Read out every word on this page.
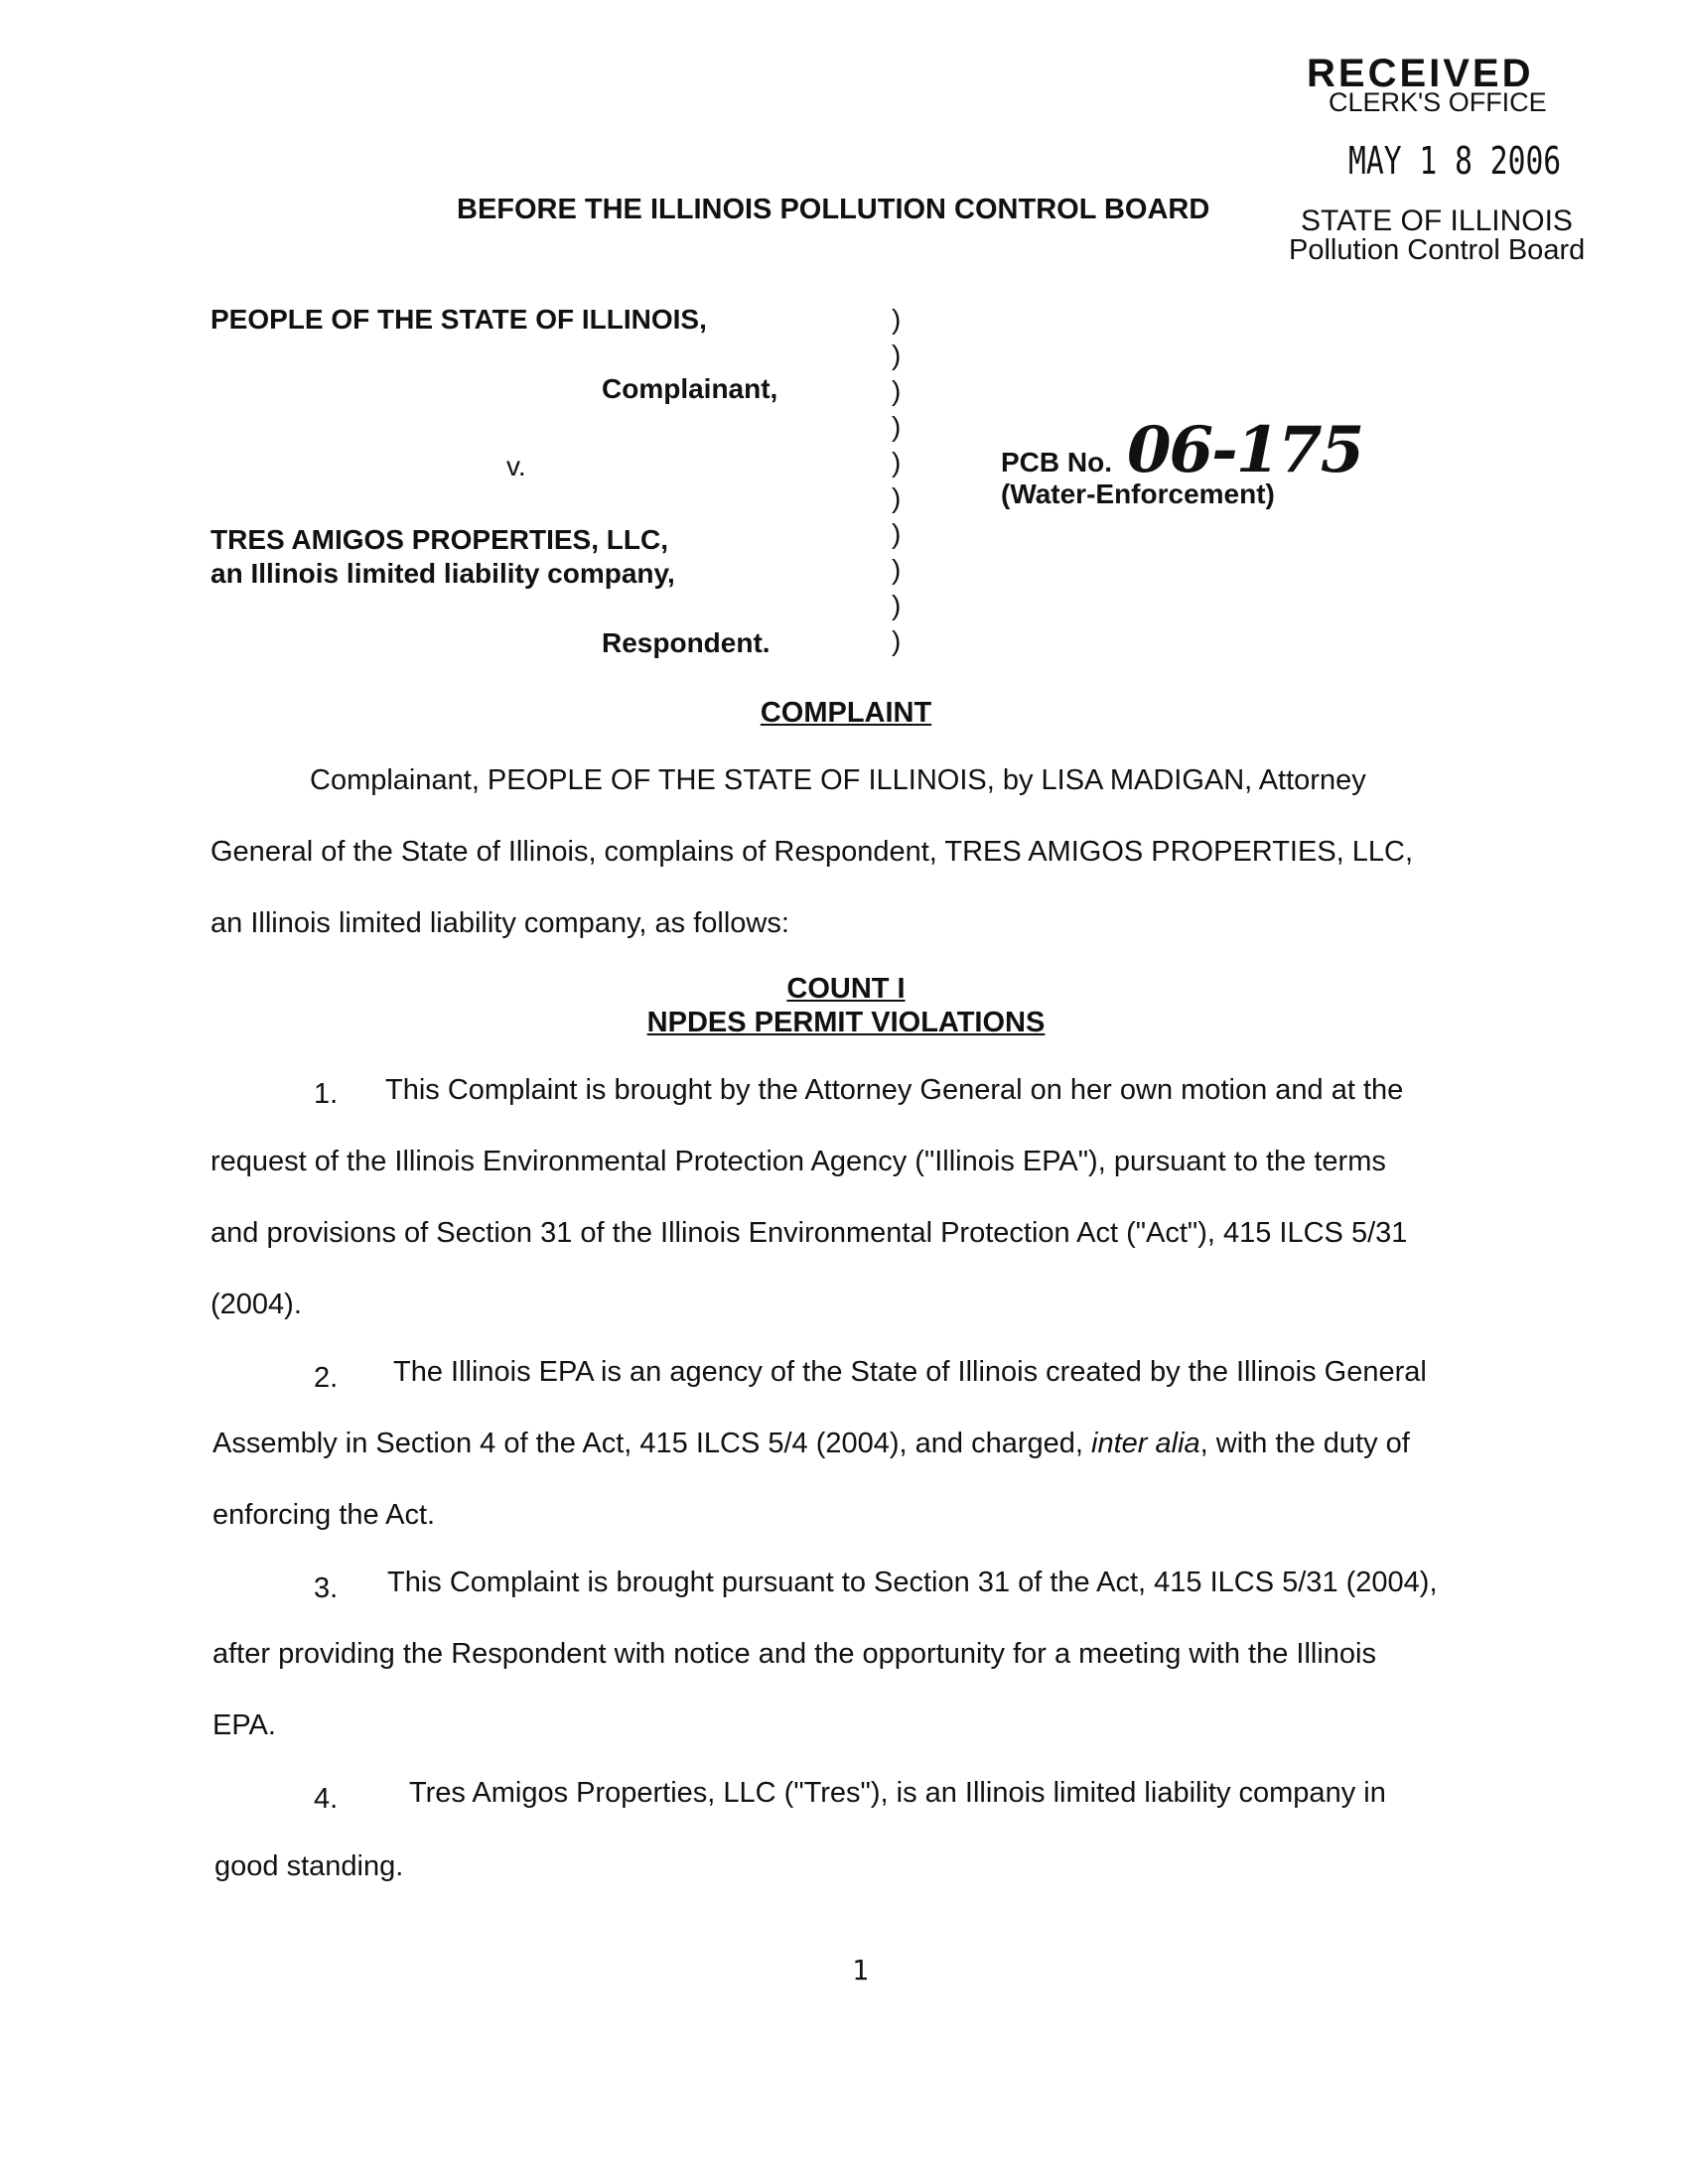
RECEIVED
CLERK'S OFFICE
MAY 1 8 2006
STATE OF ILLINOIS
Pollution Control Board
BEFORE THE ILLINOIS POLLUTION CONTROL BOARD
PEOPLE OF THE STATE OF ILLINOIS,
Complainant,
v.
TRES AMIGOS PROPERTIES, LLC,
an Illinois limited liability company,
Respondent.
)
)
)
)
)
)
)
)
)
)
PCB No. 06-175
(Water-Enforcement)
COMPLAINT
Complainant, PEOPLE OF THE STATE OF ILLINOIS, by LISA MADIGAN, Attorney
General of the State of Illinois, complains of Respondent, TRES AMIGOS PROPERTIES, LLC,
an Illinois limited liability company, as follows:
COUNT I
NPDES PERMIT VIOLATIONS
1. This Complaint is brought by the Attorney General on her own motion and at the
request of the Illinois Environmental Protection Agency ("Illinois EPA"), pursuant to the terms
and provisions of Section 31 of the Illinois Environmental Protection Act ("Act"), 415 ILCS 5/31
(2004).
2. The Illinois EPA is an agency of the State of Illinois created by the Illinois General
Assembly in Section 4 of the Act, 415 ILCS 5/4 (2004), and charged, inter alia, with the duty of
enforcing the Act.
3. This Complaint is brought pursuant to Section 31 of the Act, 415 ILCS 5/31 (2004),
after providing the Respondent with notice and the opportunity for a meeting with the Illinois
EPA.
4. Tres Amigos Properties, LLC ("Tres"), is an Illinois limited liability company in
good standing.
1
